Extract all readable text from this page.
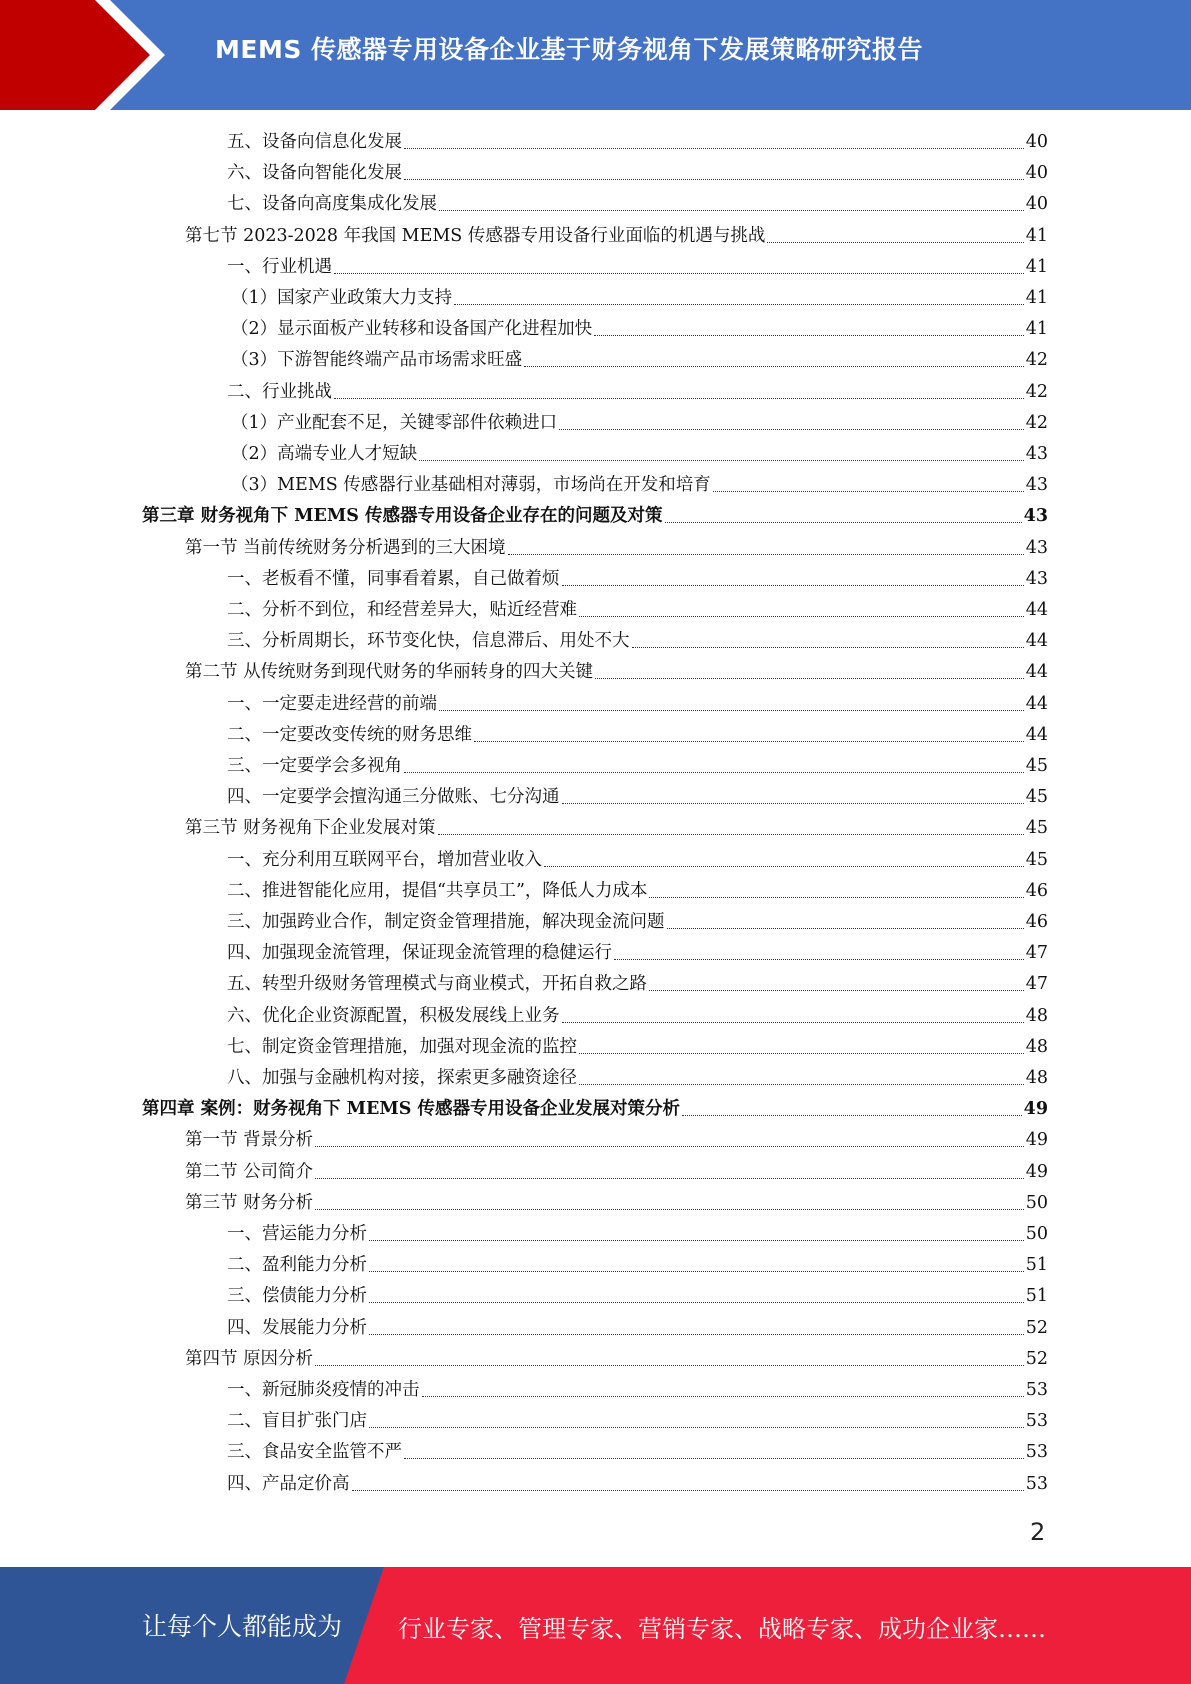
MEMS 传感器专用设备企业基于财务视角下发展策略研究报告
五、设备向信息化发展	40
六、设备向智能化发展	40
七、设备向高度集成化发展	40
第七节 2023-2028 年我国 MEMS 传感器专用设备行业面临的机遇与挑战	41
一、行业机遇	41
（1）国家产业政策大力支持	41
（2）显示面板产业转移和设备国产化进程加快	41
（3）下游智能终端产品市场需求旺盛	42
二、行业挑战	42
（1）产业配套不足，关键零部件依赖进口	42
（2）高端专业人才短缺	43
（3）MEMS 传感器行业基础相对薄弱，市场尚在开发和培育	43
第三章 财务视角下 MEMS 传感器专用设备企业存在的问题及对策	43
第一节 当前传统财务分析遇到的三大困境	43
一、老板看不懂，同事看着累，自己做着烦	43
二、分析不到位，和经营差异大，贴近经营难	44
三、分析周期长，环节变化快，信息滞后、用处不大	44
第二节 从传统财务到现代财务的华丽转身的四大关键	44
一、一定要走进经营的前端	44
二、一定要改变传统的财务思维	44
三、一定要学会多视角	45
四、一定要学会擅沟通三分做账、七分沟通	45
第三节 财务视角下企业发展对策	45
一、充分利用互联网平台，增加营业收入	45
二、推进智能化应用，提倡“共享员工”，降低人力成本	46
三、加强跨业合作，制定资金管理措施，解决现金流问题	46
四、加强现金流管理，保证现金流管理的稳健运行	47
五、转型升级财务管理模式与商业模式，开拓自救之路	47
六、优化企业资源配置，积极发展线上业务	48
七、制定资金管理措施，加强对现金流的监控	48
八、加强与金融机构对接，探索更多融资途径	48
第四章 案例：财务视角下 MEMS 传感器专用设备企业发展对策分析	49
第一节 背景分析	49
第二节 公司简介	49
第三节 财务分析	50
一、营运能力分析	50
二、盈利能力分析	51
三、偿债能力分析	51
四、发展能力分析	52
第四节 原因分析	52
一、新冠肺炎疫情的冲击	53
二、盲目扩张门店	53
三、食品安全监管不严	53
四、产品定价高	53
2
让每个人都能成为 行业专家、管理专家、营销专家、战略专家、成功企业家……
